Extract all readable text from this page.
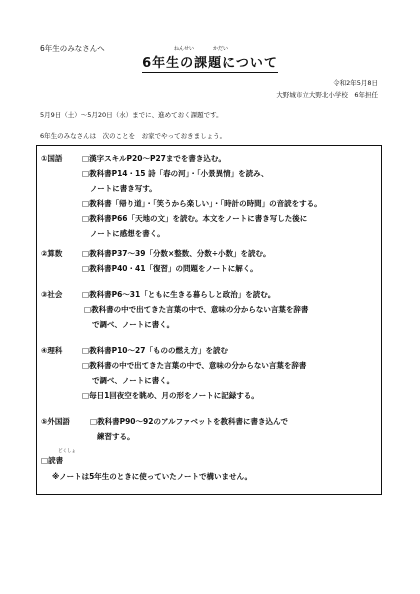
6年生のみなさんへ	ねんせい	かだい
6年生の課題について
令和2年5月8日
大野城市立大野北小学校　6年担任
5月9日（土）～5月20日（水）までに、進めておく課題です。
6年生のみなさんは　次のことを　お家でやっておきましょう。
①国語	□漢字スキルP20～P27までを書き込む。
□教科書P14・15 詩「春の河」・「小景異情」を読み、
ノートに書き写す。
□教科書「帰り道」・「笑うから楽しい」・「時計の時間」の音読をする。
□教科書P66「天地の文」を読む。本文をノートに書き写した後に
ノートに感想を書く。
②算数	□教科書P37～39「分数×整数、分数÷小数」を読む。
□教科書P40・41「復習」の問題をノートに解く。
③社会	□教科書P6～31「ともに生きる暮らしと政治」を読む。
□教科書の中で出てきた言葉の中で、意味の分からない言葉を辞書
で調べ、ノートに書く。
④理科	□教科書P10～27「ものの燃え方」を読む
□教科書の中で出てきた言葉の中で、意味の分からない言葉を辞書
で調べ、ノートに書く。
□毎日1回夜空を眺め、月の形をノートに記録する。
⑤外国語	□教科書P90～92のアルファベットを教科書に書き込んで
練習する。
どくしょ
□読書
※ノートは5年生のときに使っていたノートで構いません。
